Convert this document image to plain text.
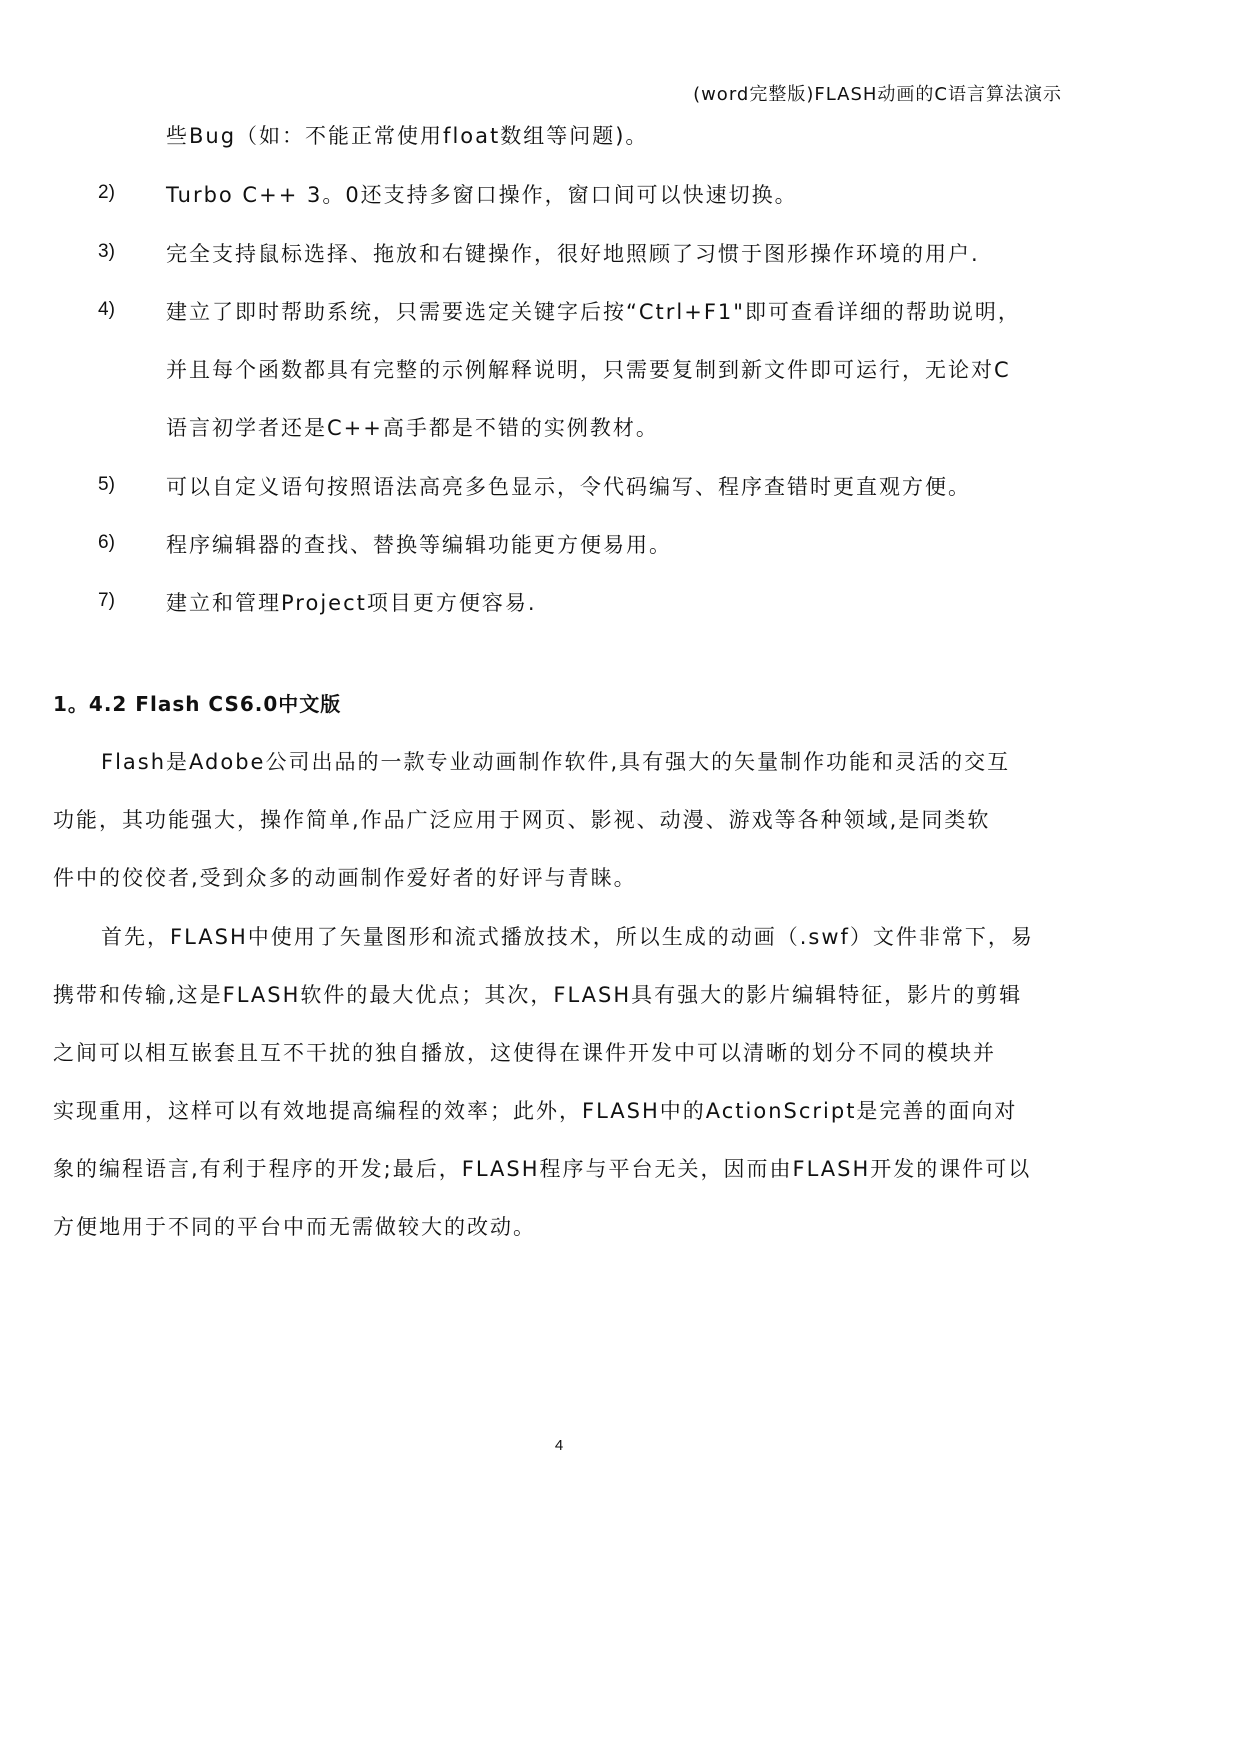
(word完整版)FLASH动画的C语言算法演示
些Bug（如：不能正常使用float数组等问题)。
2) Turbo C++ 3。0还支持多窗口操作，窗口间可以快速切换。
3) 完全支持鼠标选择、拖放和右键操作，很好地照顾了习惯于图形操作环境的用户.
4) 建立了即时帮助系统，只需要选定关键字后按“Ctrl+F1"即可查看详细的帮助说明，
并且每个函数都具有完整的示例解释说明，只需要复制到新文件即可运行，无论对C
语言初学者还是C++高手都是不错的实例教材。
5) 可以自定义语句按照语法高亮多色显示，令代码编写、程序查错时更直观方便。
6) 程序编辑器的查找、替换等编辑功能更方便易用。
7) 建立和管理Project项目更方便容易.
1。4.2 Flash CS6.0中文版
Flash是Adobe公司出品的一款专业动画制作软件,具有强大的矢量制作功能和灵活的交互
功能，其功能强大，操作简单,作品广泛应用于网页、影视、动漫、游戏等各种领域,是同类软
件中的佼佼者,受到众多的动画制作爱好者的好评与青睐。
首先，FLASH中使用了矢量图形和流式播放技术，所以生成的动画（.swf）文件非常下，易
携带和传输,这是FLASH软件的最大优点；其次，FLASH具有强大的影片编辑特征，影片的剪辑
之间可以相互嵌套且互不干扰的独自播放，这使得在课件开发中可以清晰的划分不同的模块并
实现重用，这样可以有效地提高编程的效率；此外，FLASH中的ActionScript是完善的面向对
象的编程语言,有利于程序的开发;最后，FLASH程序与平台无关，因而由FLASH开发的课件可以
方便地用于不同的平台中而无需做较大的改动。
4
